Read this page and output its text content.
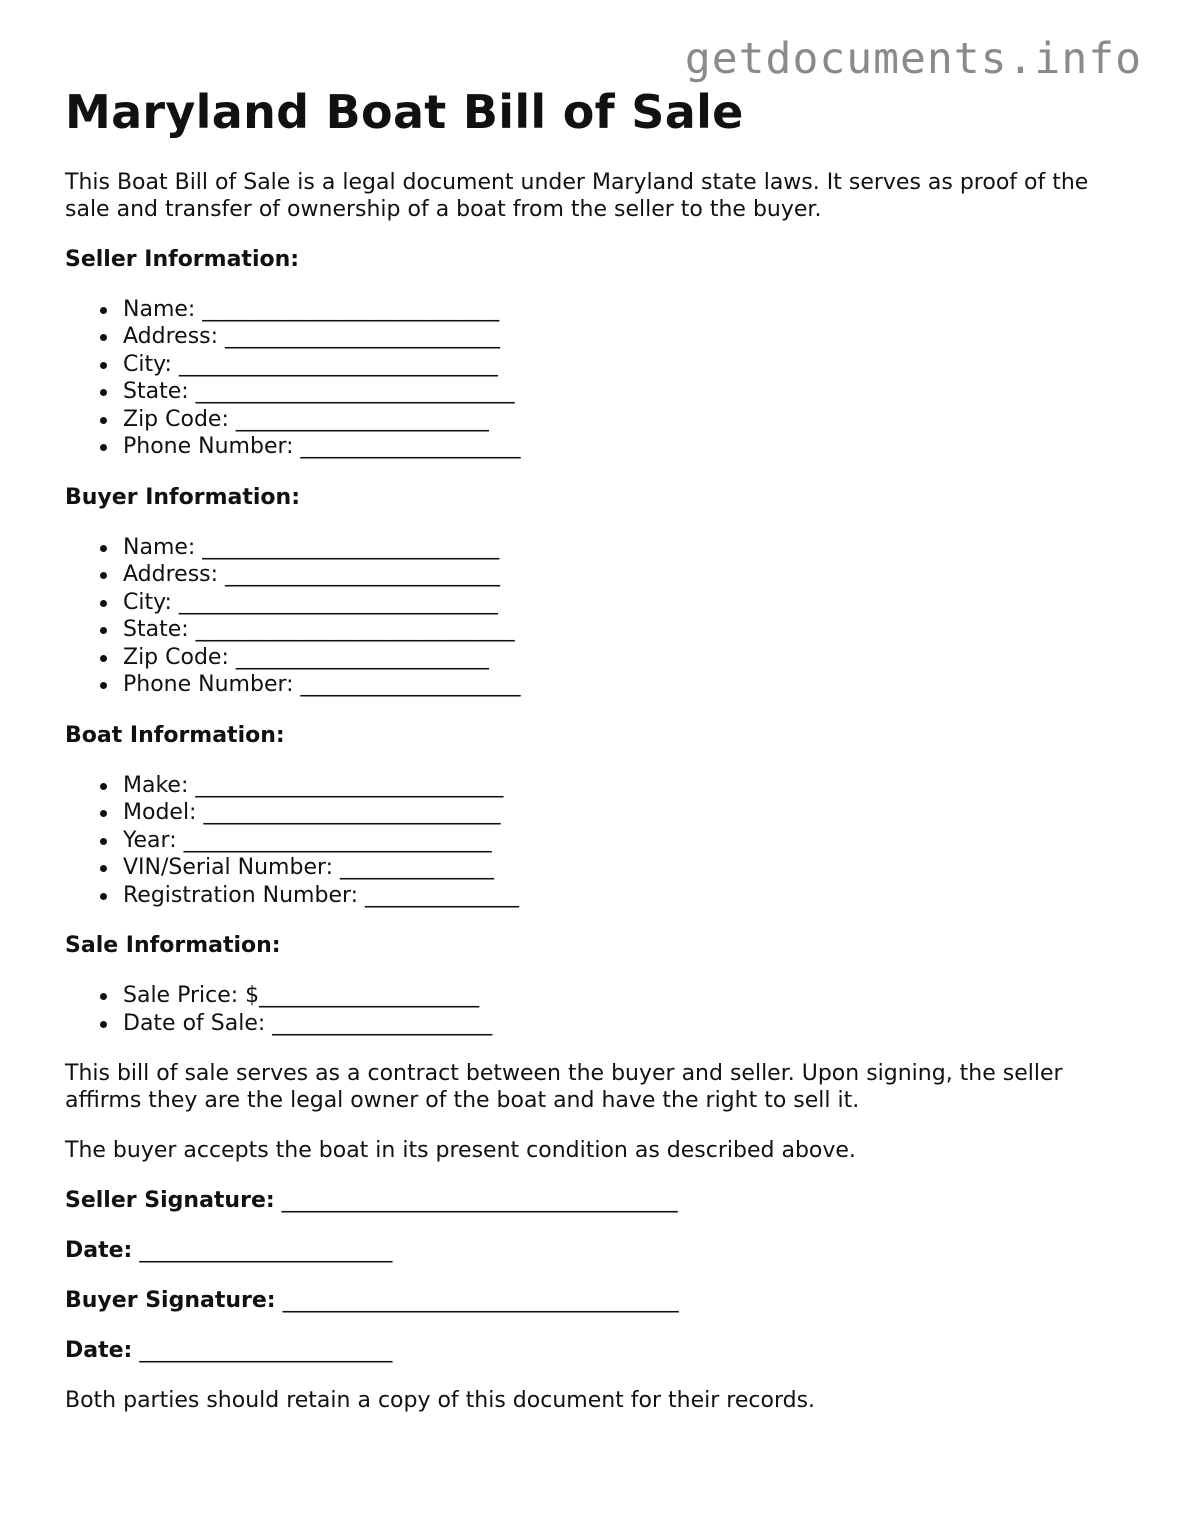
getdocuments.info
Maryland Boat Bill of Sale

This Boat Bill of Sale is a legal document under Maryland state laws. It serves as proof of the sale and transfer of ownership of a boat from the seller to the buyer.

Seller Information:
Name: ___________________________
Address: _________________________
City: _____________________________
State: _____________________________
Zip Code: _______________________
Phone Number: ____________________
Buyer Information:
Name: ___________________________
Address: _________________________
City: _____________________________
State: _____________________________
Zip Code: _______________________
Phone Number: ____________________
Boat Information:
Make: ____________________________
Model: ___________________________
Year: ____________________________
VIN/Serial Number: ______________
Registration Number: ______________
Sale Information:
Sale Price: $____________________
Date of Sale: ____________________

This bill of sale serves as a contract between the buyer and seller. Upon signing, the seller affirms they are the legal owner of the boat and have the right to sell it.

The buyer accepts the boat in its present condition as described above.

Seller Signature: ____________________________________
Date: _______________________
Buyer Signature: ____________________________________
Date: _______________________

Both parties should retain a copy of this document for their records.
